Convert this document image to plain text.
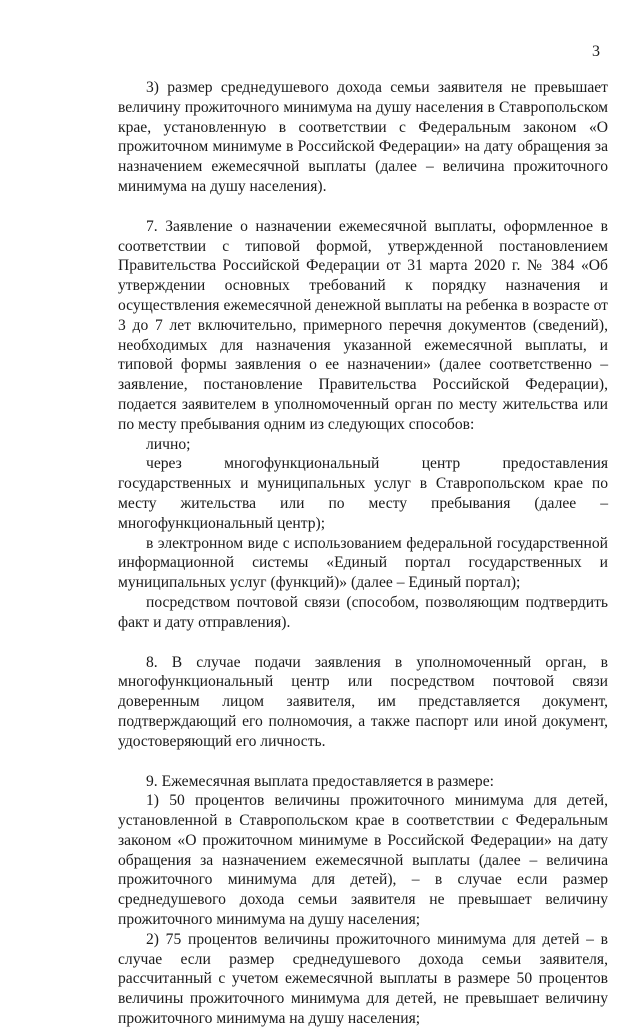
3

3) размер среднедушевого дохода семьи заявителя не превышает величину прожиточного минимума на душу населения в Ставропольском крае, установленную в соответствии с Федеральным законом «О прожиточном минимуме в Российской Федерации» на дату обращения за назначением ежемесячной выплаты (далее – величина прожиточного минимума на душу населения).

7. Заявление о назначении ежемесячной выплаты, оформленное в соответствии с типовой формой, утвержденной постановлением Правительства Российской Федерации от 31 марта 2020 г. № 384 «Об утверждении основных требований к порядку назначения и осуществления ежемесячной денежной выплаты на ребенка в возрасте от 3 до 7 лет включительно, примерного перечня документов (сведений), необходимых для назначения указанной ежемесячной выплаты, и типовой формы заявления о ее назначении» (далее соответственно – заявление, постановление Правительства Российской Федерации), подается заявителем в уполномоченный орган по месту жительства или по месту пребывания одним из следующих способов:

лично;

через многофункциональный центр предоставления государственных и муниципальных услуг в Ставропольском крае по месту жительства или по месту пребывания (далее – многофункциональный центр);

в электронном виде с использованием федеральной государственной информационной системы «Единый портал государственных и муниципальных услуг (функций)» (далее – Единый портал);

посредством почтовой связи (способом, позволяющим подтвердить факт и дату отправления).

8. В случае подачи заявления в уполномоченный орган, в многофункциональный центр или посредством почтовой связи доверенным лицом заявителя, им представляется документ, подтверждающий его полномочия, а также паспорт или иной документ, удостоверяющий его личность.

9. Ежемесячная выплата предоставляется в размере:

1) 50 процентов величины прожиточного минимума для детей, установленной в Ставропольском крае в соответствии с Федеральным законом «О прожиточном минимуме в Российской Федерации» на дату обращения за назначением ежемесячной выплаты (далее – величина прожиточного минимума для детей), – в случае если размер среднедушевого дохода семьи заявителя не превышает величину прожиточного минимума на душу населения;

2) 75 процентов величины прожиточного минимума для детей – в случае если размер среднедушевого дохода семьи заявителя, рассчитанный с учетом ежемесячной выплаты в размере 50 процентов величины прожиточного минимума для детей, не превышает величину прожиточного минимума на душу населения;
